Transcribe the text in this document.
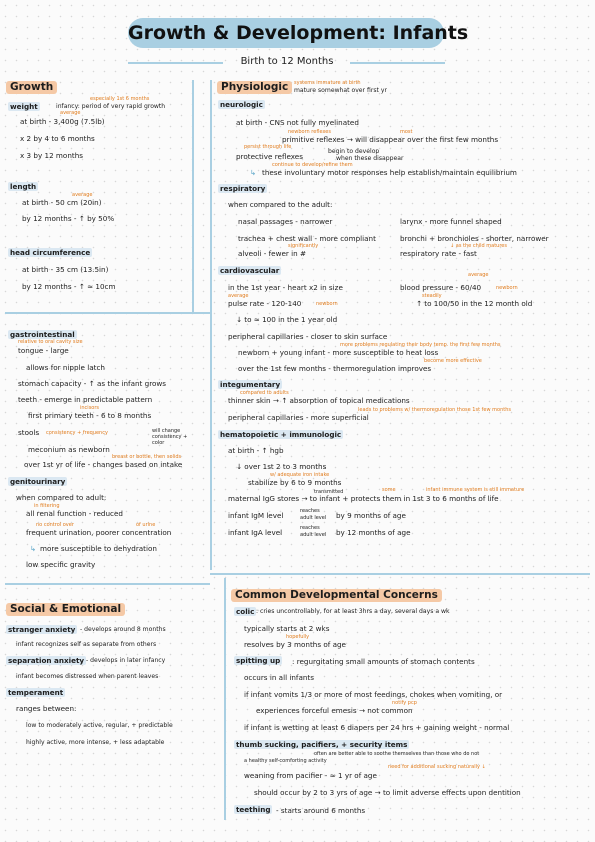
Growth & Development: Infants
Birth to 12 Months
Growth
especially 1st 6 months
weight	infancy: period of very rapid growth
average
at birth - 3,400g (7.5lb)
x 2 by 4 to 6 months
x 3 by 12 months
length
average
at birth - 50 cm (20in)
by 12 months - ↑ by 50%
head circumference
at birth - 35 cm (13.5in)
by 12 months - ↑ ≈ 10cm
gastrointestinal
relative to oral cavity size
tongue - large
allows for nipple latch
stomach capacity - ↑ as the infant grows
teeth - emerge in predictable pattern
incisors
first primary teeth - 6 to 8 months
stools consistency + frequency	will change consistency + color
meconium as newborn
breast or bottle, then solids
over 1st yr of life - changes based on intake
genitourinary
when compared to adult:
in filtering
all renal function - reduced
no control over	of urine
frequent urination, poorer concentration
↳ more susceptible to dehydration
low specific gravity
Physiologic	systems immature at birth
mature somewhat over first yr
neurologic
at birth - CNS not fully myelinated
newborn reflexes	most
primitive reflexes → will disappear over the first few months
persist through life
begin to develop
protective reflexes	when these disappear
continue to develop/refine them
↳ these involuntary motor responses help establish/maintain equilibrium
respiratory
when compared to the adult:
nasal passages - narrower	larynx - more funnel shaped
trachea + chest wall - more compliant	bronchi + bronchioles - shorter, narrower
significantly	↓ as the child matures
alveoli - fewer in #	respiratory rate - fast
cardiovascular	average
in the 1st year - heart x2 in size	blood pressure - 60/40	newborn
average	steadily
pulse rate - 120-140	newborn	↑ to 100/50 in the 12 month old
↓ to ≈ 100 in the 1 year old
peripheral capillaries - closer to skin surface
more problems regulating their body temp. the first few months
newborn + young infant - more susceptible to heat loss
become more effective
over the 1st few months - thermoregulation improves
integumentary
compared to adults
thinner skin → ↑ absorption of topical medications
leads to problems w/ thermoregulation those 1st few months
peripheral capillaries - more superficial
hematopoietic + immunologic
at birth - ↑ hgb
↓ over 1st 2 to 3 months
w/ adequate iron intake
stabilize by 6 to 9 months
transmitted	some	infant immune system is still immature
maternal IgG stores → to infant + protects them in 1st 3 to 6 months of life
infant IgM level	reaches
adult level by 9 months of age
infant IgA level	reaches
adult level by 12 months of age
Social & Emotional
stranger anxiety - develops around 8 months
infant recognizes self as separate from others
separation anxiety - develops in later infancy
infant becomes distressed when parent leaves
temperament
ranges between:
low to moderately active, regular, + predictable
highly active, more intense, + less adaptable
Common Developmental Concerns
colic : cries uncontrollably, for at least 3hrs a day, several days a wk
typically starts at 2 wks
hopefully
resolves by 3 months of age
spitting up : regurgitating small amounts of stomach contents
occurs in all infants
if infant vomits 1/3 or more of most feedings, chokes when vomiting, or
notify pcp
experiences forceful emesis → not common
if infant is wetting at least 6 diapers per 24 hrs + gaining weight - normal
thumb sucking, pacifiers, + security items
often are better able to soothe themselves than those who do not
a healthy self-comforting activity
need for additional sucking naturally ↓
weaning from pacifier - ≈ 1 yr of age
should occur by 2 to 3 yrs of age → to limit adverse effects upon dentition
teething - starts around 6 months
